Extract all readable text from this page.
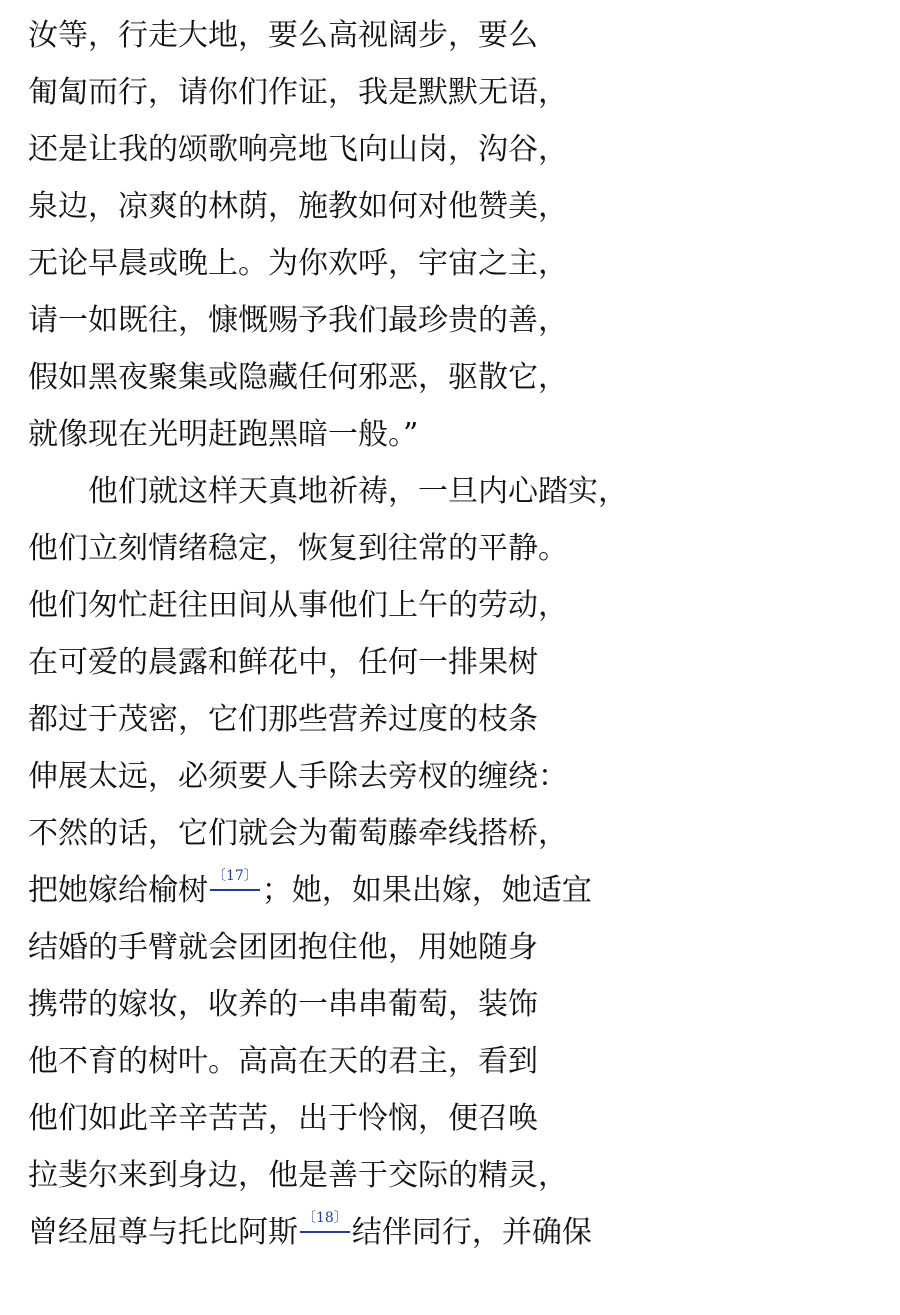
汝等，行走大地，要么高视阔步，要么
匍匐而行，请你们作证，我是默默无语，
还是让我的颂歌响亮地飞向山岗，沟谷，
泉边，凉爽的林荫，施教如何对他赞美，
无论早晨或晚上。为你欢呼，宇宙之主，
请一如既往，慷慨赐予我们最珍贵的善，
假如黑夜聚集或隐藏任何邪恶，驱散它，
就像现在光明赶跑黑暗一般。”
他们就这样天真地祈祷，一旦内心踏实，
他们立刻情绪稳定，恢复到往常的平静。
他们匆忙赶往田间从事他们上午的劳动，
在可爱的晨露和鲜花中，任何一排果树
都过于茂密，它们那些营养过度的枝条
伸展太远，必须要人手除去旁杈的缠绕：
不然的话，它们就会为葡萄藤牵线搭桥，
把她嫁给榆树 〔17〕 ；她，如果出嫁，她适宜
结婚的手臂就会团团抱住他，用她随身
携带的嫁妆，收养的一串串葡萄，装饰
他不育的树叶。高高在天的君主，看到
他们如此辛辛苦苦，出于怜悯，便召唤
拉斐尔来到身边，他是善于交际的精灵，
曾经屈尊与托比阿斯 〔18〕 结伴同行，并确保
